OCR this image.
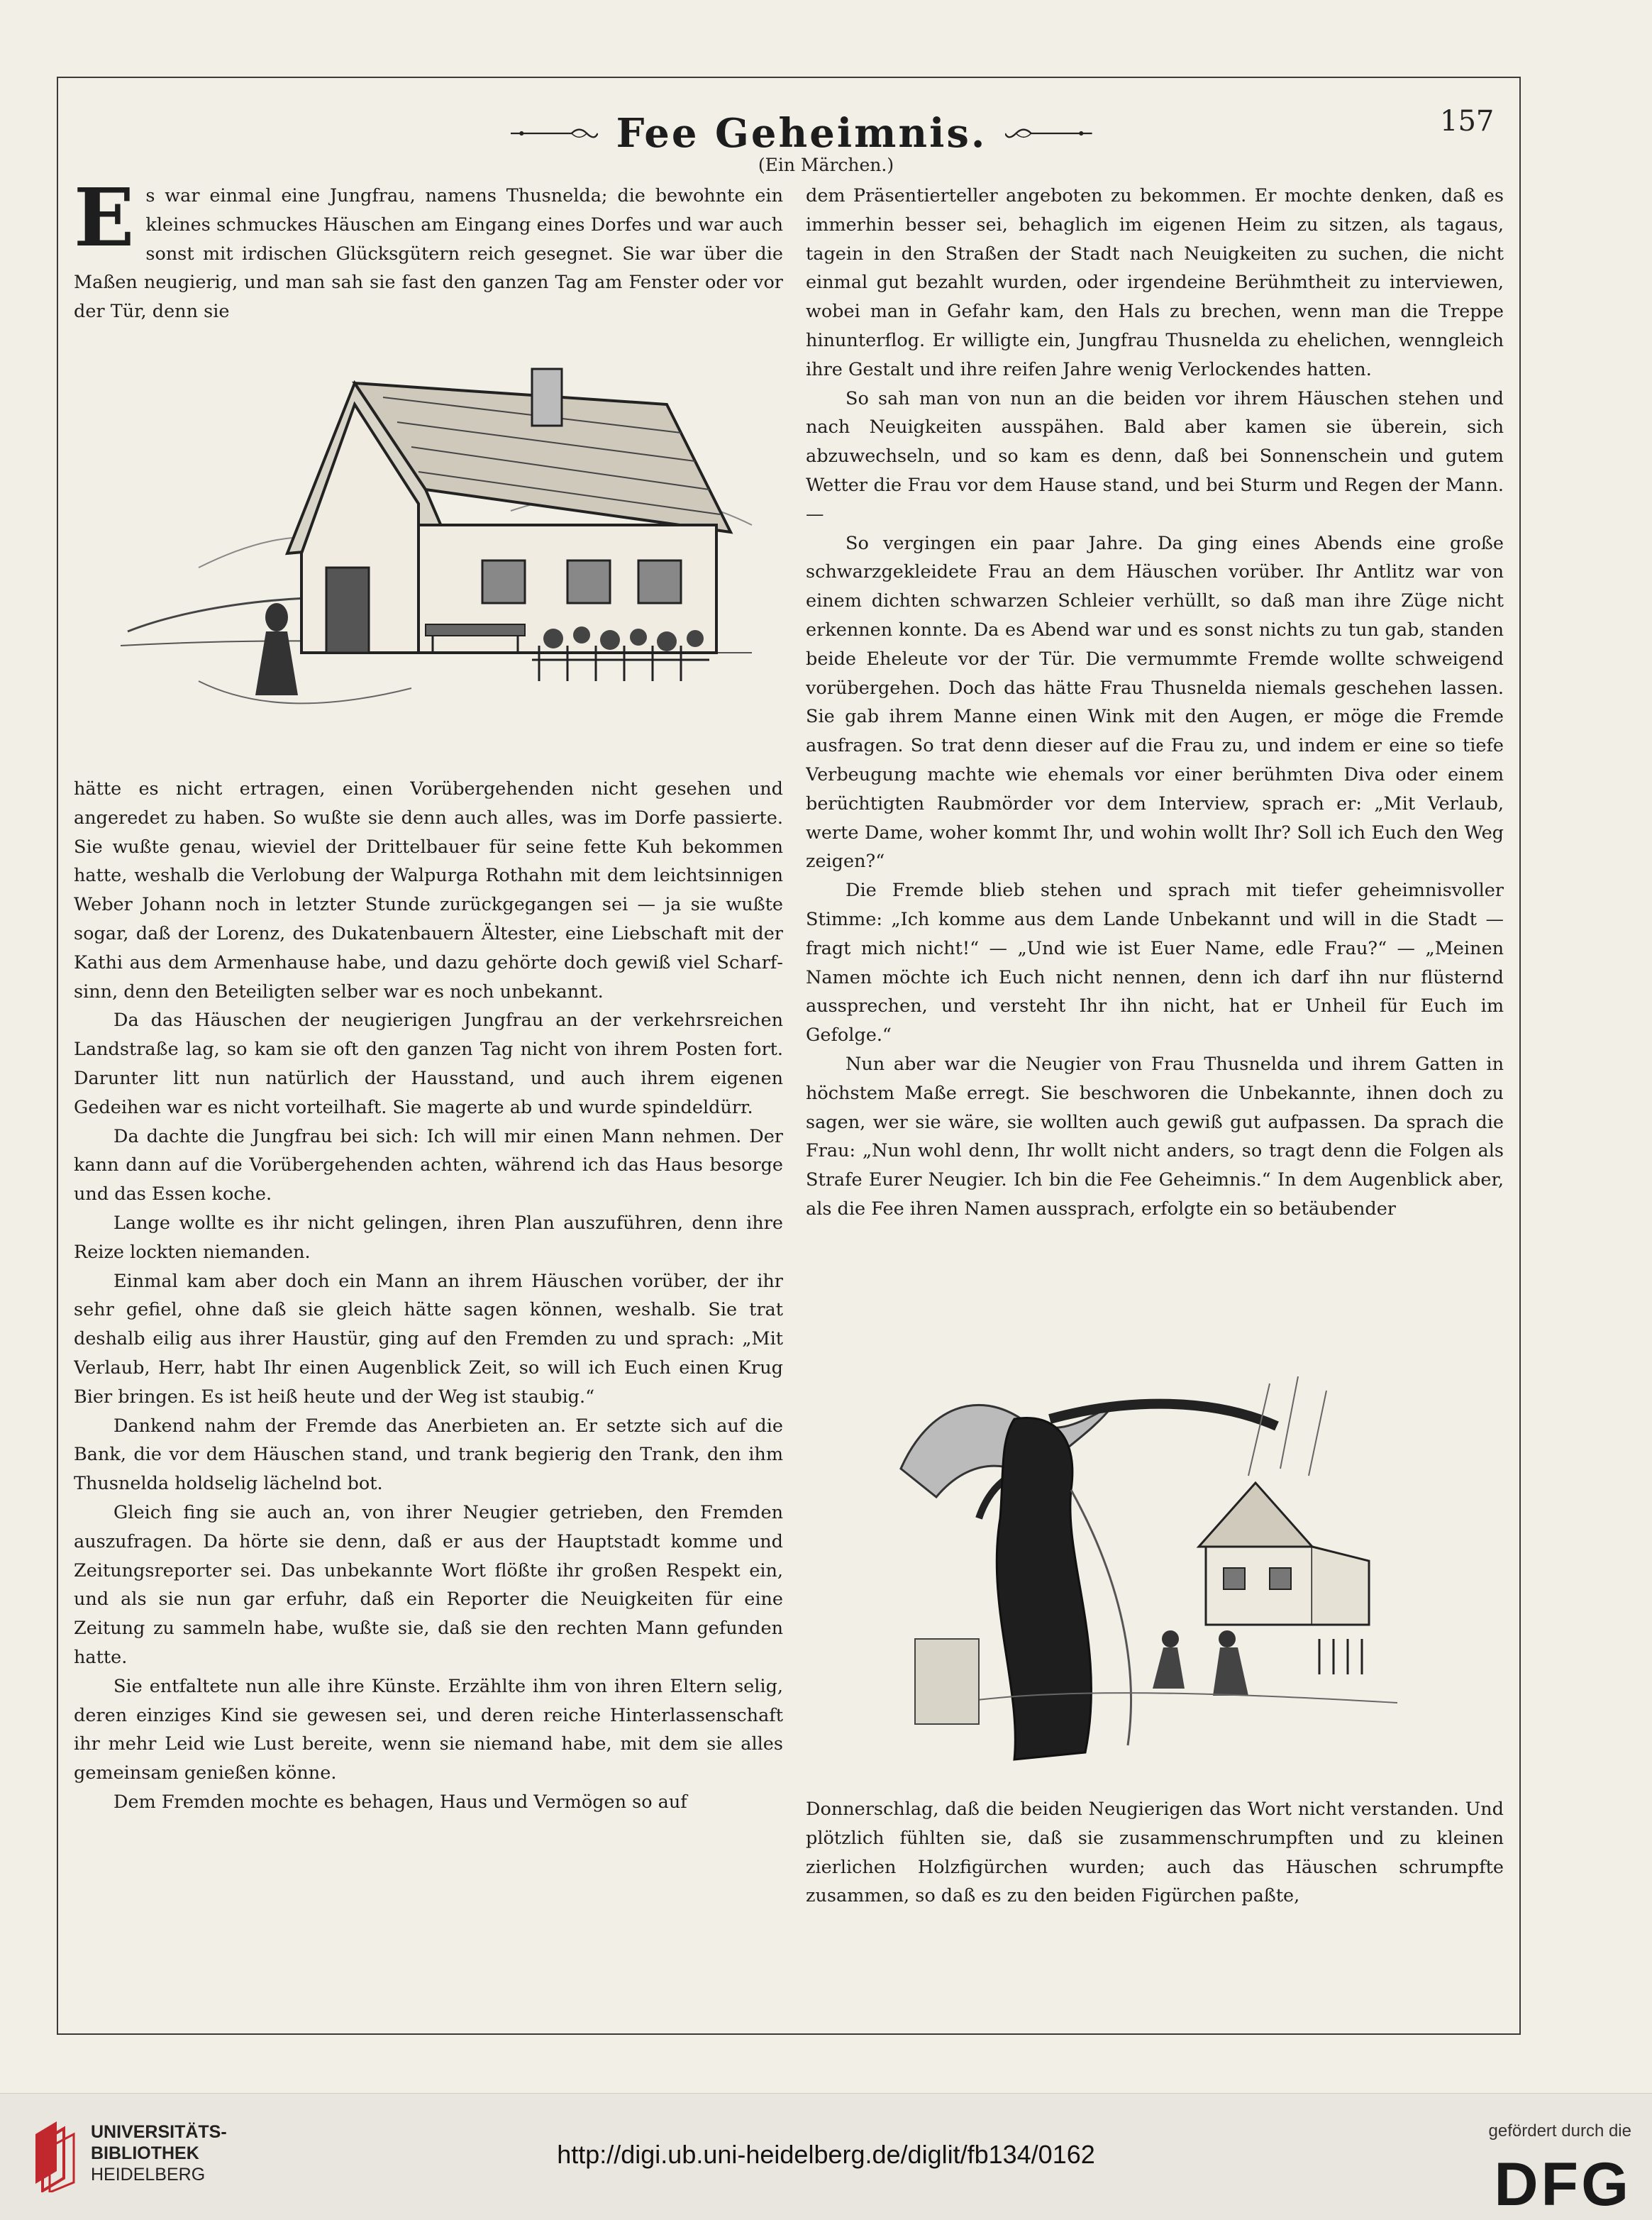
Fee Geheimnis.	157
(Ein Märchen.)

Es war einmal eine Jungfrau, namens Thusnelda; die bewohnte ein kleines schmuckes Häuschen am Eingang eines Dorfes und war auch sonst mit irdischen Glücksgütern reich gesegnet. Sie war über die Maßen neugierig, und man sah sie fast den ganzen Tag am Fenster oder vor der Tür, denn sie

hätte es nicht ertragen, einen Vorübergehenden nicht gesehen und angeredet zu haben. So wußte sie denn auch alles, was im Dorfe passierte. Sie wußte genau, wieviel der Drittelbauer für seine fette Kuh bekommen hatte, weshalb die Verlobung der Walpurga Rothahn mit dem leichtsinnigen Weber Johann noch in letzter Stunde zurückgegangen sei — ja sie wußte sogar, daß der Lorenz, des Dukatenbauern Ältester, eine Liebschaft mit der Kathi aus dem Armenhause habe, und dazu gehörte doch gewiß viel Scharfsinn, denn den Beteiligten selber war es noch unbekannt.

Da das Häuschen der neugierigen Jungfrau an der verkehrsreichen Landstraße lag, so kam sie oft den ganzen Tag nicht von ihrem Posten fort. Darunter litt nun natürlich der Hausstand, und auch ihrem eigenen Gedeihen war es nicht vorteilhaft. Sie magerte ab und wurde spindeldürr.

Da dachte die Jungfrau bei sich: Ich will mir einen Mann nehmen. Der kann dann auf die Vorübergehenden achten, während ich das Haus besorge und das Essen koche.

Lange wollte es ihr nicht gelingen, ihren Plan auszuführen, denn ihre Reize lockten niemanden.

Einmal kam aber doch ein Mann an ihrem Häuschen vorüber, der ihr sehr gefiel, ohne daß sie gleich hätte sagen können, weshalb. Sie trat deshalb eilig aus ihrer Haustür, ging auf den Fremden zu und sprach: „Mit Verlaub, Herr, habt Ihr einen Augenblick Zeit, so will ich Euch einen Krug Bier bringen. Es ist heiß heute und der Weg ist staubig.“

Dankend nahm der Fremde das Anerbieten an. Er setzte sich auf die Bank, die vor dem Häuschen stand, und trank begierig den Trank, den ihm Thusnelda holdselig lächelnd bot.

Gleich fing sie auch an, von ihrer Neugier getrieben, den Fremden auszufragen. Da hörte sie denn, daß er aus der Hauptstadt komme und Zeitungsreporter sei. Das unbekannte Wort flößte ihr großen Respekt ein, und als sie nun gar erfuhr, daß ein Reporter die Neuigkeiten für eine Zeitung zu sammeln habe, wußte sie, daß sie den rechten Mann gefunden hatte.

Sie entfaltete nun alle ihre Künste. Erzählte ihm von ihren Eltern selig, deren einziges Kind sie gewesen sei, und deren reiche Hinterlassenschaft ihr mehr Leid wie Lust bereite, wenn sie niemand habe, mit dem sie alles gemeinsam genießen könne.

Dem Fremden mochte es behagen, Haus und Vermögen so auf

dem Präsentierteller angeboten zu bekommen. Er mochte denken, daß es immerhin besser sei, behaglich im eigenen Heim zu sitzen, als tagaus, tagein in den Straßen der Stadt nach Neuigkeiten zu suchen, die nicht einmal gut bezahlt wurden, oder irgendeine Berühmtheit zu interviewen, wobei man in Gefahr kam, den Hals zu brechen, wenn man die Treppe hinunterflog. Er willigte ein, Jungfrau Thusnelda zu ehelichen, wenngleich ihre Gestalt und ihre reifen Jahre wenig Verlockendes hatten.

So sah man von nun an die beiden vor ihrem Häuschen stehen und nach Neuigkeiten ausspähen. Bald aber kamen sie überein, sich abzuwechseln, und so kam es denn, daß bei Sonnenschein und gutem Wetter die Frau vor dem Hause stand, und bei Sturm und Regen der Mann. —

So vergingen ein paar Jahre. Da ging eines Abends eine große schwarzgekleidete Frau an dem Häuschen vorüber. Ihr Antlitz war von einem dichten schwarzen Schleier verhüllt, so daß man ihre Züge nicht erkennen konnte. Da es Abend war und es sonst nichts zu tun gab, standen beide Eheleute vor der Tür. Die vermummte Fremde wollte schweigend vorübergehen. Doch das hätte Frau Thusnelda niemals geschehen lassen. Sie gab ihrem Manne einen Wink mit den Augen, er möge die Fremde ausfragen. So trat denn dieser auf die Frau zu, und indem er eine so tiefe Verbeugung machte wie ehemals vor einer berühmten Diva oder einem berüchtigten Raubmörder vor dem Interview, sprach er: „Mit Verlaub, werte Dame, woher kommt Ihr, und wohin wollt Ihr? Soll ich Euch den Weg zeigen?“

Die Fremde blieb stehen und sprach mit tiefer geheimnisvoller Stimme: „Ich komme aus dem Lande Unbekannt und will in die Stadt — fragt mich nicht!“ — „Und wie ist Euer Name, edle Frau?“ — „Meinen Namen möchte ich Euch nicht nennen, denn ich darf ihn nur flüsternd aussprechen, und versteht Ihr ihn nicht, hat er Unheil für Euch im Gefolge.“

Nun aber war die Neugier von Frau Thusnelda und ihrem Gatten in höchstem Maße erregt. Sie beschworen die Unbekannte, ihnen doch zu sagen, wer sie wäre, sie wollten auch gewiß gut aufpassen. Da sprach die Frau: „Nun wohl denn, Ihr wollt nicht anders, so tragt denn die Folgen als Strafe Eurer Neugier. Ich bin die Fee Geheimnis.“ In dem Augenblick aber, als die Fee ihren Namen aussprach, erfolgte ein so betäubender

Donnerschlag, daß die beiden Neugierigen das Wort nicht verstanden. Und plötzlich fühlten sie, daß sie zusammenschrumpften und zu kleinen zierlichen Holzfigürchen wurden; auch das Häuschen schrumpfte zusammen, so daß es zu den beiden Figürchen paßte,

UNIVERSITÄTS-
BIBLIOTHEK
HEIDELBERG
http://digi.ub.uni-heidelberg.de/diglit/fb134/0162
gefördert durch die
DFG
